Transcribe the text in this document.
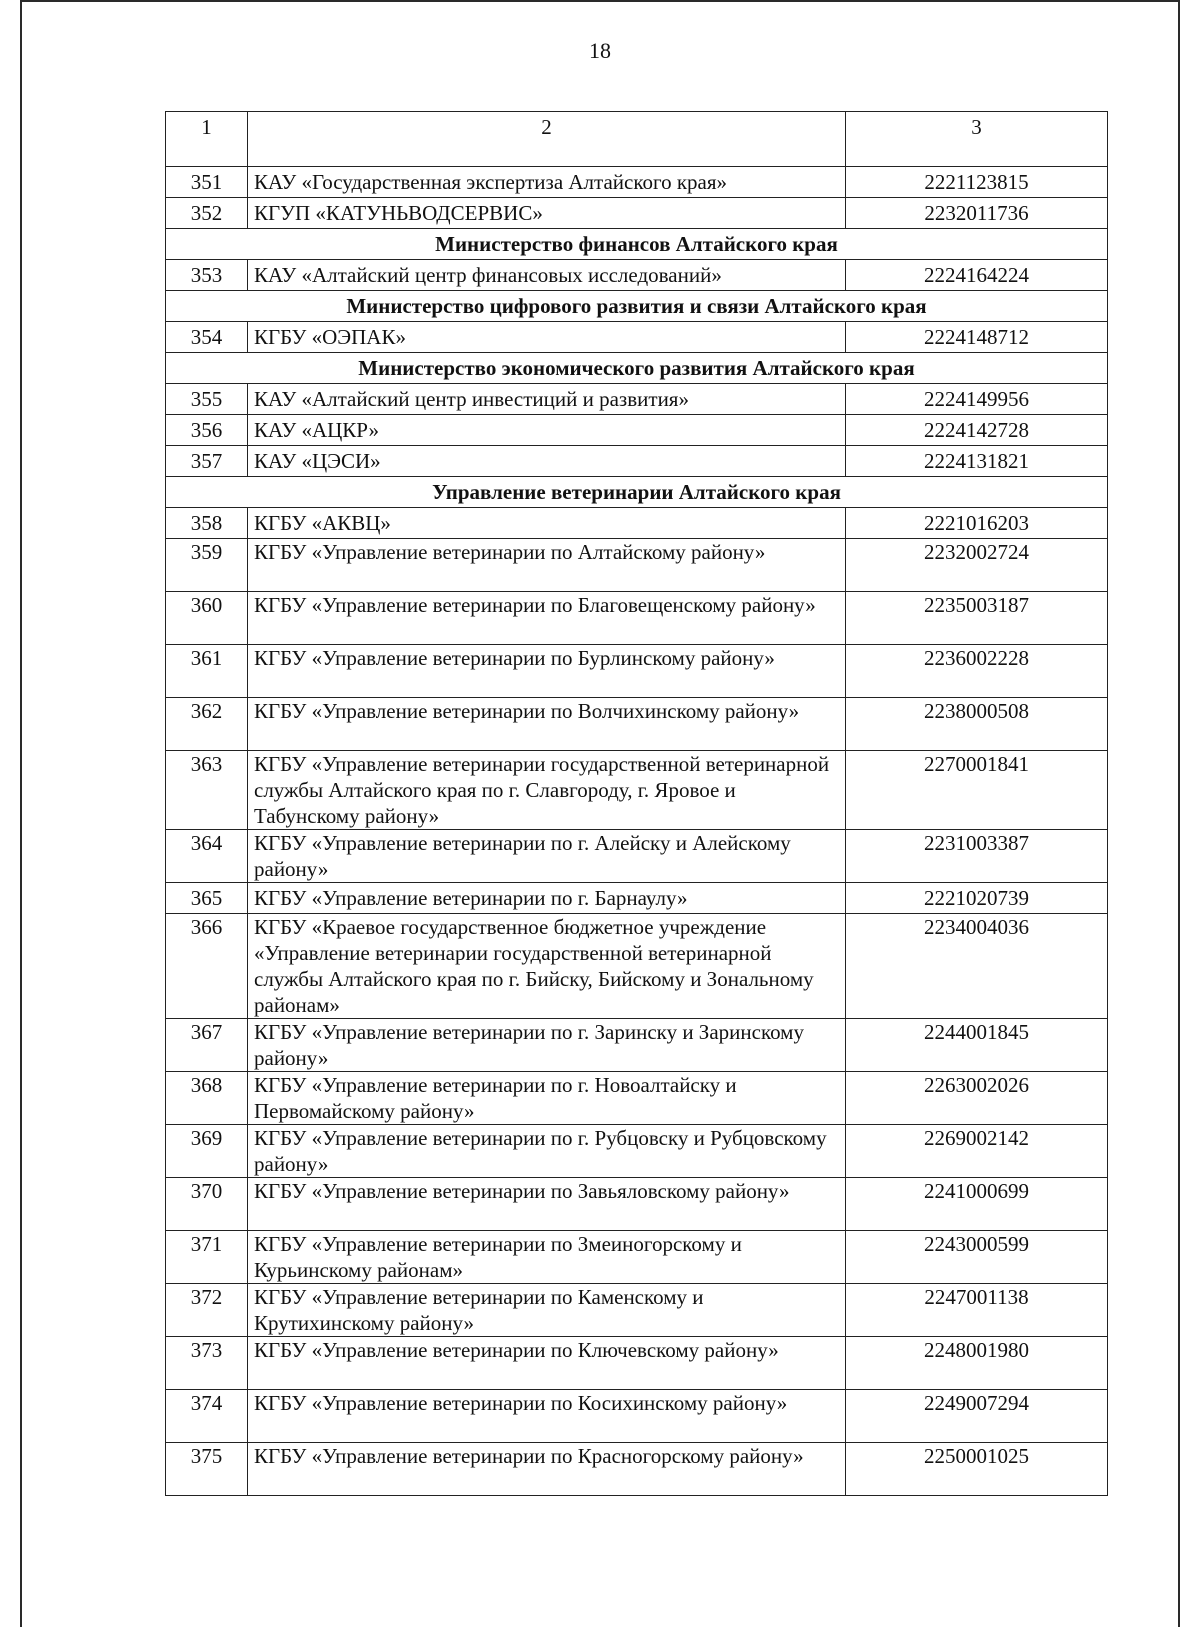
18
1	2	3
351	КАУ «Государственная экспертиза Алтайского края»	2221123815
352	КГУП «КАТУНЬВОДСЕРВИС»	2232011736
Министерство финансов Алтайского края		
353	КАУ «Алтайский центр финансовых исследований»	2224164224
Министерство цифрового развития и связи Алтайского края		
354	КГБУ «ОЭПАК»	2224148712
Министерство экономического развития Алтайского края		
355	КАУ «Алтайский центр инвестиций и развития»	2224149956
356	КАУ «АЦКР»	2224142728
357	КАУ «ЦЭСИ»	2224131821
Управление ветеринарии Алтайского края		
358	КГБУ «АКВЦ»	2221016203
359	КГБУ «Управление ветеринарии по Алтайскому району»	2232002724
360	КГБУ «Управление ветеринарии по Благовещенскому району»	2235003187
361	КГБУ «Управление ветеринарии по Бурлинскому району»	2236002228
362	КГБУ «Управление ветеринарии по Волчихинскому району»	2238000508
363	КГБУ «Управление ветеринарии государственной ветеринарной службы Алтайского края по г. Славгороду, г. Яровое и Табунскому району»	2270001841
364	КГБУ «Управление ветеринарии по г. Алейску и Алейскому району»	2231003387
365	КГБУ «Управление ветеринарии по г. Барнаулу»	2221020739
366	КГБУ «Краевое государственное бюджетное учреждение «Управление ветеринарии государственной ветеринарной службы Алтайского края по г. Бийску, Бийскому и Зональному районам»	2234004036
367	КГБУ «Управление ветеринарии по г. Заринску и Заринскому району»	2244001845
368	КГБУ «Управление ветеринарии по г. Новоалтайску и Первомайскому району»	2263002026
369	КГБУ «Управление ветеринарии по г. Рубцовску и Рубцовскому району»	2269002142
370	КГБУ «Управление ветеринарии по Завьяловскому району»	2241000699
371	КГБУ «Управление ветеринарии по Змеиногорскому и Курьинскому районам»	2243000599
372	КГБУ «Управление ветеринарии по Каменскому и Крутихинскому району»	2247001138
373	КГБУ «Управление ветеринарии по Ключевскому району»	2248001980
374	КГБУ «Управление ветеринарии по Косихинскому району»	2249007294
375	КГБУ «Управление ветеринарии по Красногорскому району»	2250001025
